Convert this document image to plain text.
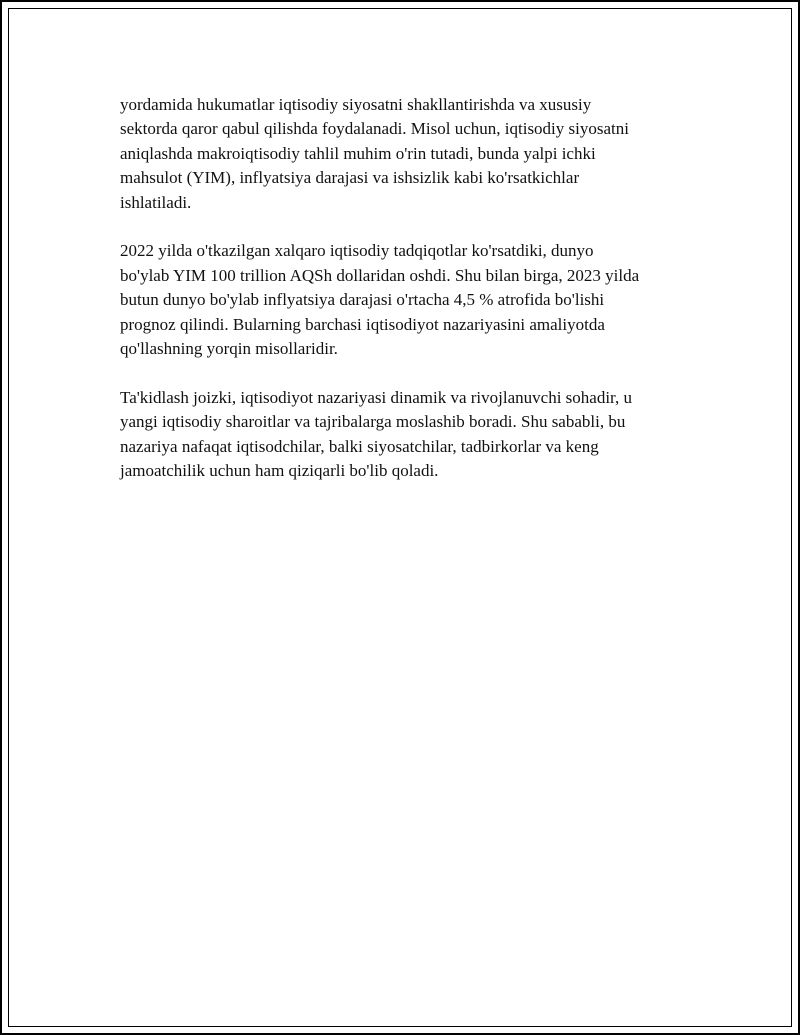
yordamida hukumatlar iqtisodiy siyosatni shakllantirishda va xususiy
sektorda qaror qabul qilishda foydalanadi. Misol uchun, iqtisodiy siyosatni
aniqlashda makroiqtisodiy tahlil muhim o'rin tutadi, bunda yalpi ichki
mahsulot (YIM), inflyatsiya darajasi va ishsizlik kabi ko'rsatkichlar
ishlatiladi.

2022 yilda o'tkazilgan xalqaro iqtisodiy tadqiqotlar ko'rsatdiki, dunyo
bo'ylab YIM 100 trillion AQSh dollaridan oshdi. Shu bilan birga, 2023 yilda
butun dunyo bo'ylab inflyatsiya darajasi o'rtacha 4,5 % atrofida bo'lishi
prognoz qilindi. Bularning barchasi iqtisodiyot nazariyasini amaliyotda
qo'llashning yorqin misollaridir.

Ta'kidlash joizki, iqtisodiyot nazariyasi dinamik va rivojlanuvchi sohadir, u
yangi iqtisodiy sharoitlar va tajribalarga moslashib boradi. Shu sababli, bu
nazariya nafaqat iqtisodchilar, balki siyosatchilar, tadbirkorlar va keng
jamoatchilik uchun ham qiziqarli bo'lib qoladi.
